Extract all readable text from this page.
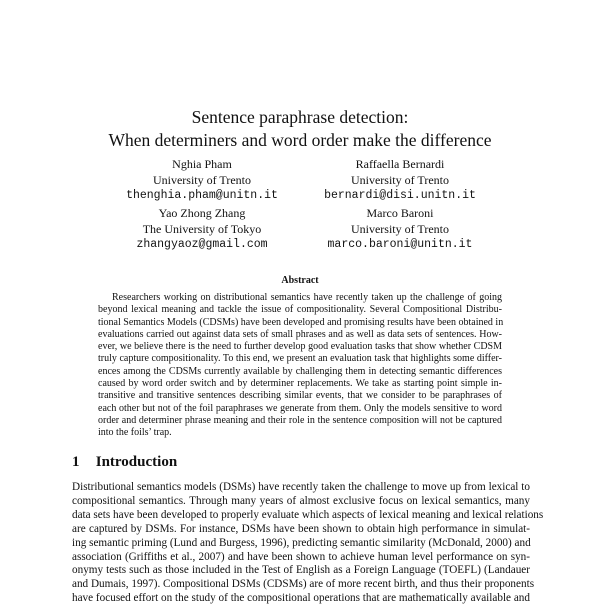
Sentence paraphrase detection:
When determiners and word order make the difference
Nghia Pham
University of Trento
thenghia.pham@unitn.it
Raffaella Bernardi
University of Trento
bernardi@disi.unitn.it
Yao Zhong Zhang
The University of Tokyo
zhangyaoz@gmail.com
Marco Baroni
University of Trento
marco.baroni@unitn.it
Abstract
Researchers working on distributional semantics have recently taken up the challenge of going
beyond lexical meaning and tackle the issue of compositionality. Several Compositional Distribu-
tional Semantics Models (CDSMs) have been developed and promising results have been obtained in
evaluations carried out against data sets of small phrases and as well as data sets of sentences. How-
ever, we believe there is the need to further develop good evaluation tasks that show whether CDSM
truly capture compositionality. To this end, we present an evaluation task that highlights some differ-
ences among the CDSMs currently available by challenging them in detecting semantic differences
caused by word order switch and by determiner replacements. We take as starting point simple in-
transitive and transitive sentences describing similar events, that we consider to be paraphrases of
each other but not of the foil paraphrases we generate from them. Only the models sensitive to word
order and determiner phrase meaning and their role in the sentence composition will not be captured
into the foils’ trap.
1 Introduction
Distributional semantics models (DSMs) have recently taken the challenge to move up from lexical to
compositional semantics. Through many years of almost exclusive focus on lexical semantics, many
data sets have been developed to properly evaluate which aspects of lexical meaning and lexical relations
are captured by DSMs. For instance, DSMs have been shown to obtain high performance in simulat-
ing semantic priming (Lund and Burgess, 1996), predicting semantic similarity (McDonald, 2000) and
association (Griffiths et al., 2007) and have been shown to achieve human level performance on syn-
onymy tests such as those included in the Test of English as a Foreign Language (TOEFL) (Landauer
and Dumais, 1997). Compositional DSMs (CDSMs) are of more recent birth, and thus their proponents
have focused effort on the study of the compositional operations that are mathematically available and
